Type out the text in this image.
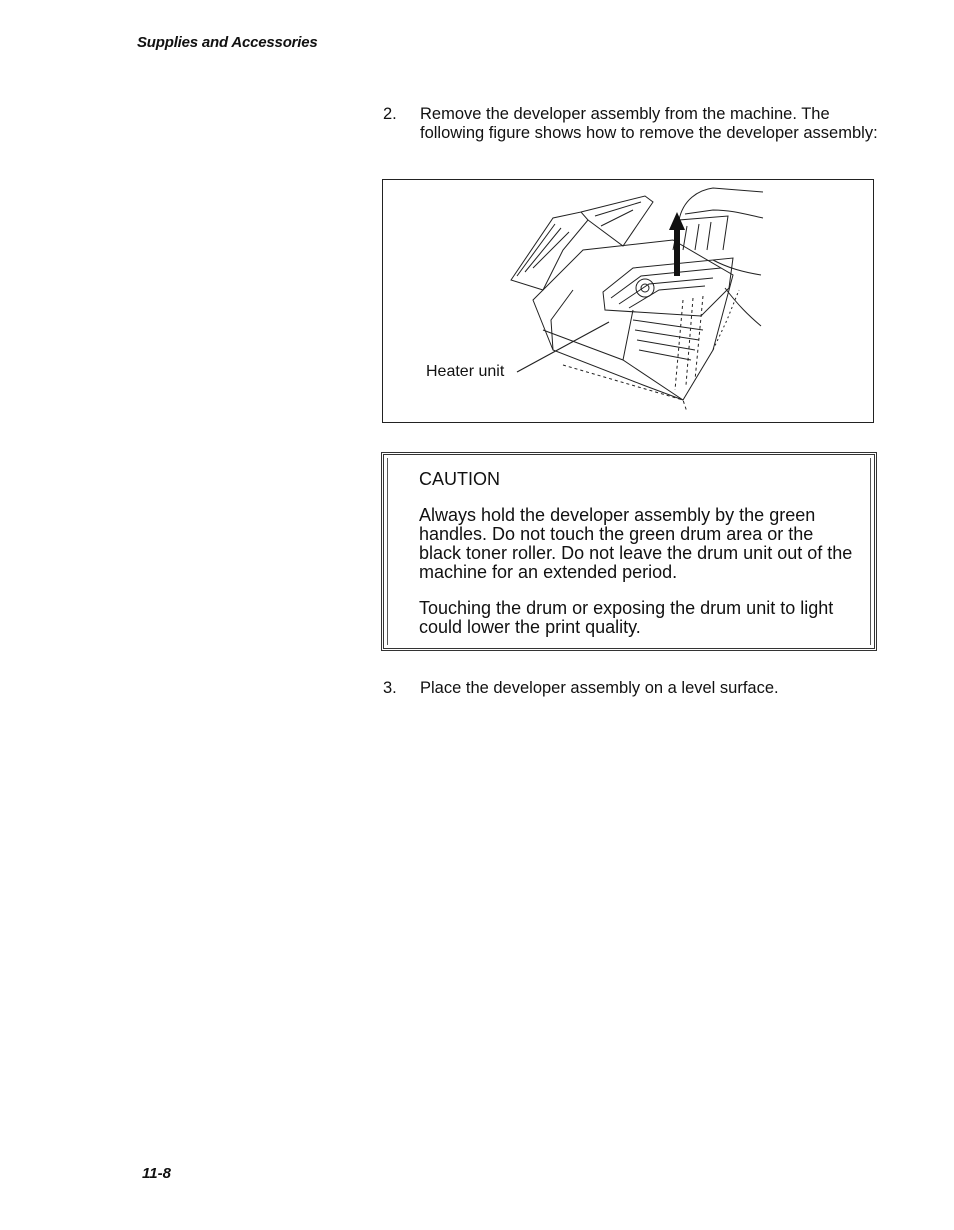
Supplies and Accessories
2.	Remove the developer assembly from the machine. The following figure shows how to remove the developer assembly:
Heater unit
CAUTION
Always hold the developer assembly by the green handles. Do not touch the green drum area or the black toner roller. Do not leave the drum unit out of the machine for an extended period.
Touching the drum or exposing the drum unit to light could lower the print quality.
3.	Place the developer assembly on a level surface.
11-8
